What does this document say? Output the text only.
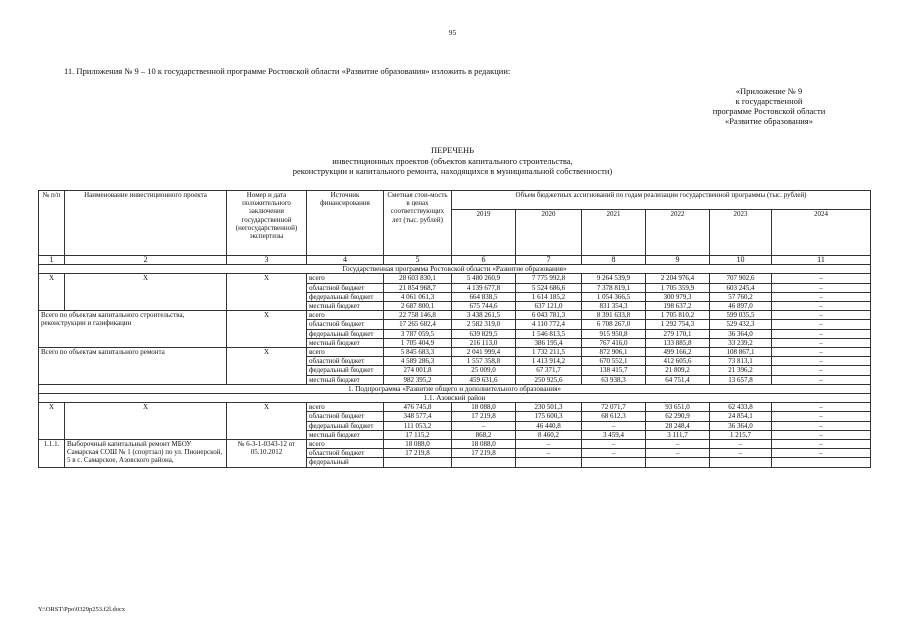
95
11. Приложения № 9 – 10 к государственной программе Ростовской области «Развитие образования» изложить в редакции:
«Приложение № 9
к государственной
программе Ростовской области
«Развитие образования»
ПЕРЕЧЕНЬ
инвестиционных проектов (объектов капитального строительства,
реконструкции и капитального ремонта, находящихся в муниципальной собственности)
№ п/п	Наименование инвестиционного проекта	Номер и дата положительного заключения государственной (негосударственной) экспертизы	Источник финансирования	Сметная стои-мость в ценах соответствующих лет (тыс. рублей)	Объем бюджетных ассигнований по годам реализации государственной программы (тыс. рублей)					
					2019	2020	2021	2022	2023	2024
1	2	3	4	5	6	7	8	9	10	11
Государственная программа Ростовской области «Развитие образования»										
Х	Х	Х	всего	28 603 830,1	5 480 260,9	7 775 992,8	9 264 539,9	2 204 976,4	707 902,6	–
			областной бюджет	21 854 968,7	4 139 677,8	5 524 686,6	7 378 819,1	1 705 359,9	603 245,4	–
			федеральный бюджет	4 061 061,3	664 838,5	1 614 185,2	1 054 366,5	300 979,3	57 760,2	–
			местный бюджет	2 687 800,1	675 744,6	637 121,0	831 354,3	198 637,2	46 897,0	–
Всего по объектам капитального строительства, реконструкции и газификации		Х	всего	22 758 146,8	3 438 261,5	6 043 781,3	8 391 633,8	1 705 810,2	599 035,5	–
			областной бюджет	17 265 682,4	2 582 319,0	4 110 772,4	6 708 267,0	1 292 754,3	529 432,3	–
			федеральный бюджет	3 787 059,5	639 829,5	1 546 813,5	915 950,8	279 170,1	36 364,0	–
			местный бюджет	1 705 404,9	216 113,0	386 195,4	767 416,0	133 885,8	33 239,2	–
Всего по объектам капитального ремонта		Х	всего	5 845 683,3	2 041 999,4	1 732 211,5	872 906,1	499 166,2	108 867,1	–
			областной бюджет	4 589 286,3	1 557 358,8	1 413 914,2	670 552,1	412 605,6	73 813,1	–
			федеральный бюджет	274 001,8	25 009,0	67 371,7	138 415,7	21 809,2	21 396,2	–
			местный бюджет	982 395,2	459 631,6	250 925,6	63 938,3	64 751,4	13 657,8	–
1. Подпрограмма «Развитие общего и дополнительного образования»										
1.1. Азовский район										
Х	Х	Х	всего	476 745,8	18 088,0	230 501,3	72 071,7	93 651,0	62 433,8	–
			областной бюджет	348 577,4	17 219,8	175 600,3	68 612,3	62 290,9	24 854,1	–
			федеральный бюджет	111 053,2	–	46 440,8	–	28 248,4	36 364,0	–
			местный бюджет	17 115,2	868,2	8 460,2	3 459,4	3 111,7	1 215,7	–
1.1.1.	Выборочный капитальный ремонт МБОУ Самарская СОШ № 1 (спортзал) по ул. Пионерской, 5 в с. Самарское, Азовского района,	№ 6-3-1-0343-12 от 05.10.2012	всего	18 088,0	18 088,0	–	–	–	–	–
			областной бюджет	17 219,8	17 219,8	–	–	–	–	–
			федеральный							
Y:\ORST\Ppo\0329p253.f2l.docx
